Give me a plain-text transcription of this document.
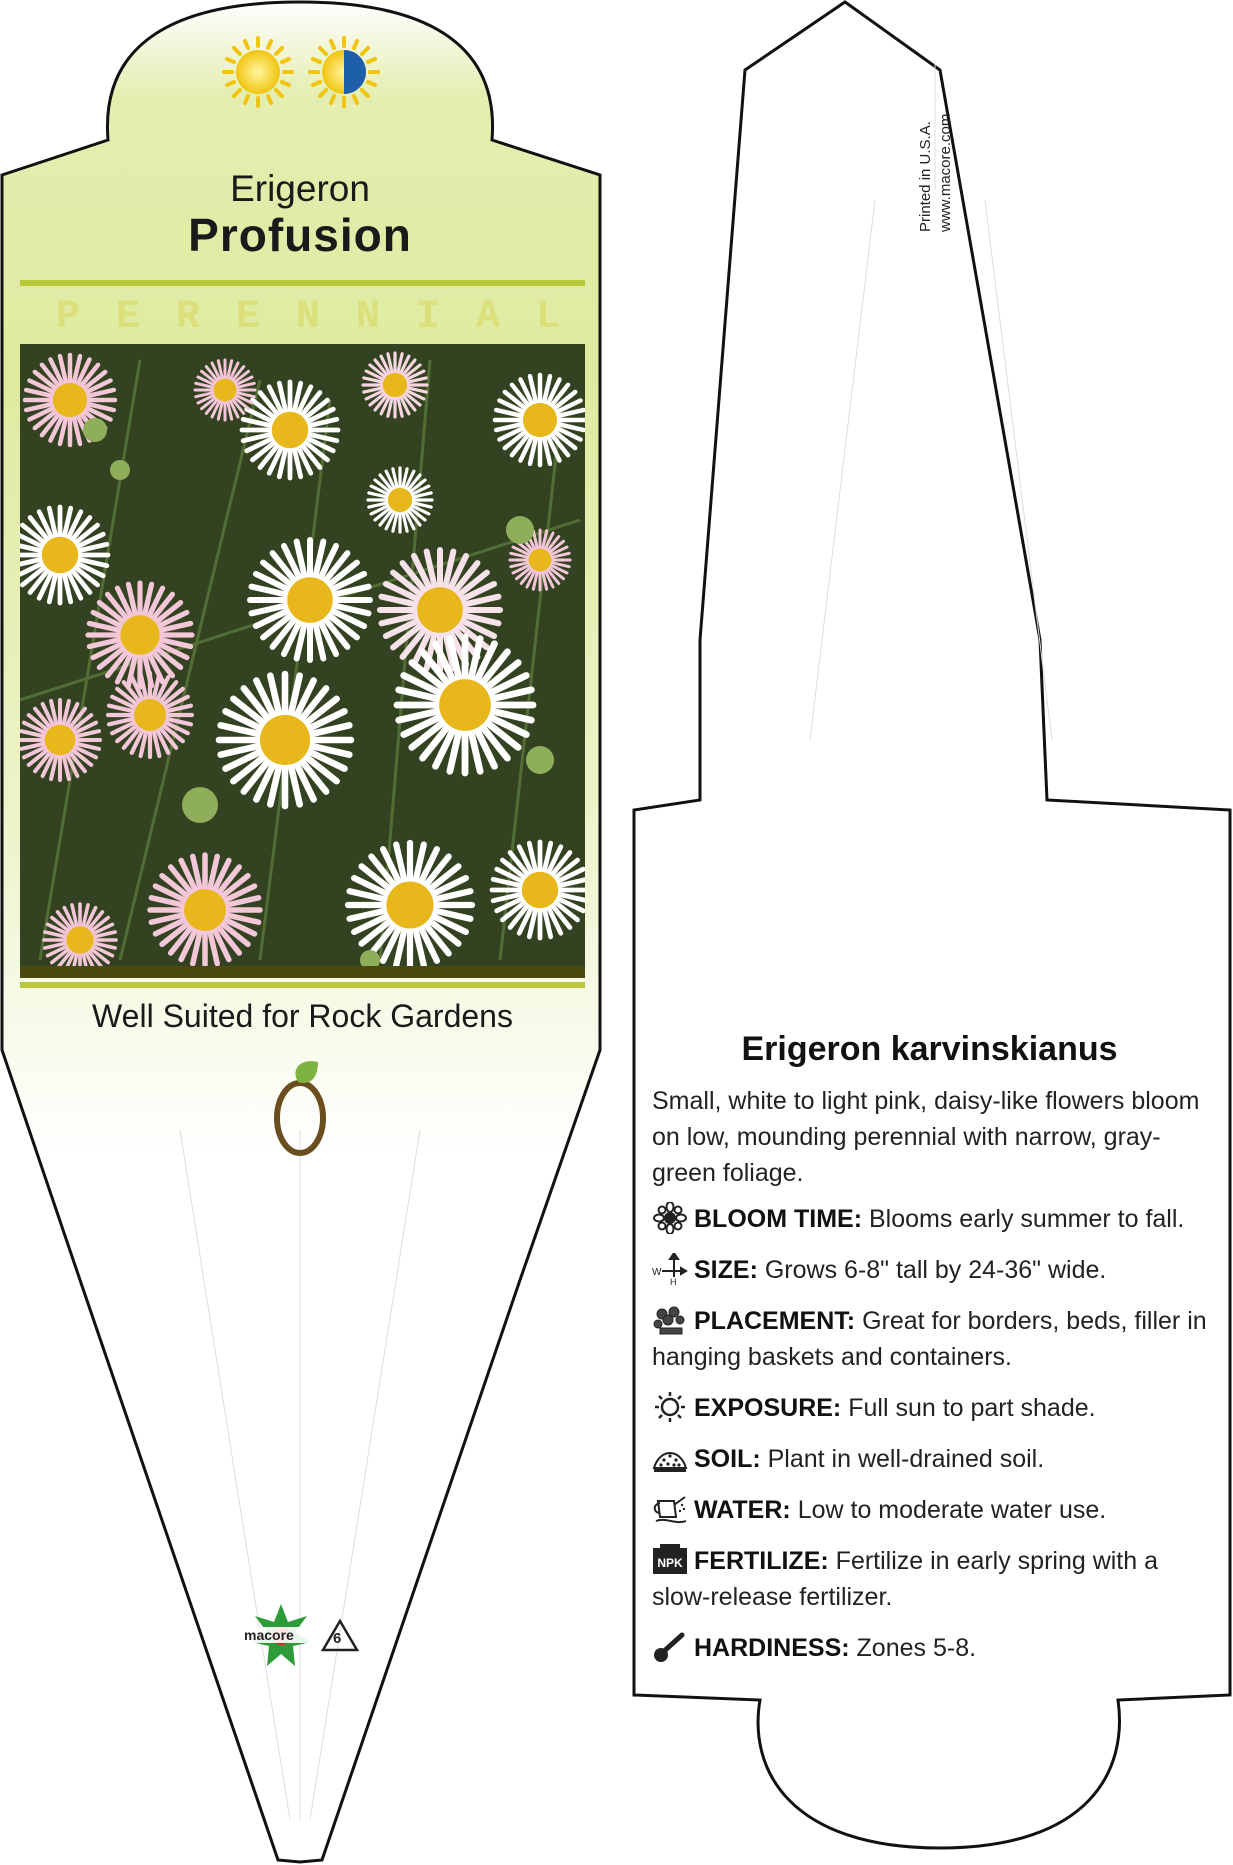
Erigeron
Profusion
PERENNIAL
Well Suited for Rock Gardens
macore	6
Printed in U.S.A. www.macore.com
Erigeron karvinskianus

Small, white to light pink, daisy-like flowers bloom on low, mounding perennial with narrow, gray-green foliage.

BLOOM TIME: Blooms early summer to fall.
W
H SIZE: Grows 6-8" tall by 24-36" wide.
PLACEMENT: Great for borders, beds, filler in hanging baskets and containers.
EXPOSURE: Full sun to part shade.
SOIL: Plant in well-drained soil.
WATER: Low to moderate water use.
NPK FERTILIZE: Fertilize in early spring with a slow-release fertilizer.
HARDINESS: Zones 5-8.
